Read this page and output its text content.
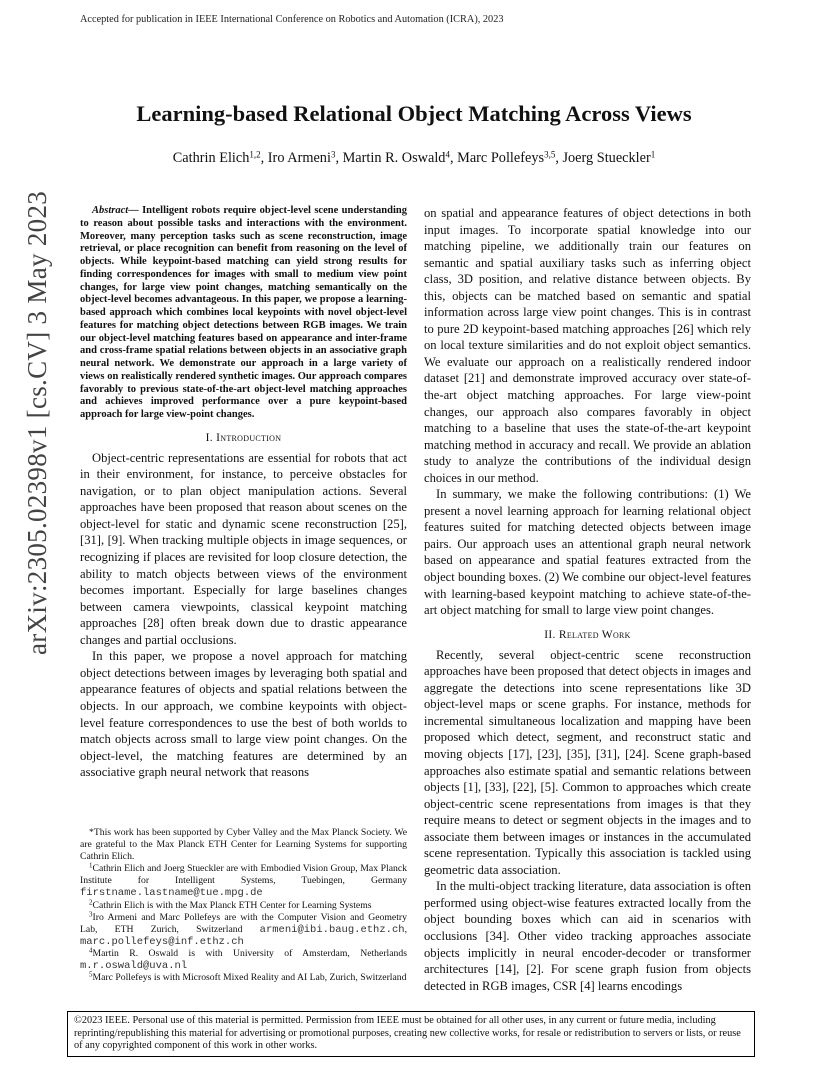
Accepted for publication in IEEE International Conference on Robotics and Automation (ICRA), 2023
arXiv:2305.02398v1 [cs.CV] 3 May 2023
Learning-based Relational Object Matching Across Views
Cathrin Elich$^{1,2}$, Iro Armeni$^3$, Martin R. Oswald$^4$, Marc Pollefeys$^{3,5}$, Joerg Stueckler$^1$

Abstract— Intelligent robots require object-level scene understanding to reason about possible tasks and interactions with the environment. Moreover, many perception tasks such as scene reconstruction, image retrieval, or place recognition can benefit from reasoning on the level of objects. While keypoint-based matching can yield strong results for finding correspondences for images with small to medium view point changes, for large view point changes, matching semantically on the object-level becomes advantageous. In this paper, we propose a learning-based approach which combines local keypoints with novel object-level features for matching object detections between RGB images. We train our object-level matching features based on appearance and inter-frame and cross-frame spatial relations between objects in an associative graph neural network. We demonstrate our approach in a large variety of views on realistically rendered synthetic images. Our approach compares favorably to previous state-of-the-art object-level matching approaches and achieves improved performance over a pure keypoint-based approach for large view-point changes.

I. Introduction

Object-centric representations are essential for robots that act in their environment, for instance, to perceive obstacles for navigation, or to plan object manipulation actions. Several approaches have been proposed that reason about scenes on the object-level for static and dynamic scene reconstruction [25], [31], [9]. When tracking multiple objects in image sequences, or recognizing if places are revisited for loop closure detection, the ability to match objects between views of the environment becomes important. Especially for large baselines changes between camera viewpoints, classical keypoint matching approaches [28] often break down due to drastic appearance changes and partial occlusions.

In this paper, we propose a novel approach for matching object detections between images by leveraging both spatial and appearance features of objects and spatial relations between the objects. In our approach, we combine keypoints with object-level feature correspondences to use the best of both worlds to match objects across small to large view point changes. On the object-level, the matching features are determined by an associative graph neural network that reasons

*This work has been supported by Cyber Valley and the Max Planck Society. We are grateful to the Max Planck ETH Center for Learning Systems for supporting Cathrin Elich.

$^1$Cathrin Elich and Joerg Stueckler are with Embodied Vision Group, Max Planck Institute for Intelligent Systems, Tuebingen, Germany firstname.lastname@tue.mpg.de

$^2$Cathrin Elich is with the Max Planck ETH Center for Learning Systems

$^3$Iro Armeni and Marc Pollefeys are with the Computer Vision and Geometry Lab, ETH Zurich, Switzerland armeni@ibi.baug.ethz.ch, marc.pollefeys@inf.ethz.ch

$^4$Martin R. Oswald is with University of Amsterdam, Netherlands m.r.oswald@uva.nl

$^5$Marc Pollefeys is with Microsoft Mixed Reality and AI Lab, Zurich, Switzerland

on spatial and appearance features of object detections in both input images. To incorporate spatial knowledge into our matching pipeline, we additionally train our features on semantic and spatial auxiliary tasks such as inferring object class, 3D position, and relative distance between objects. By this, objects can be matched based on semantic and spatial information across large view point changes. This is in contrast to pure 2D keypoint-based matching approaches [26] which rely on local texture similarities and do not exploit object semantics. We evaluate our approach on a realistically rendered indoor dataset [21] and demonstrate improved accuracy over state-of-the-art object matching approaches. For large view-point changes, our approach also compares favorably in object matching to a baseline that uses the state-of-the-art keypoint matching method in accuracy and recall. We provide an ablation study to analyze the contributions of the individual design choices in our method.

In summary, we make the following contributions: (1) We present a novel learning approach for learning relational object features suited for matching detected objects between image pairs. Our approach uses an attentional graph neural network based on appearance and spatial features extracted from the object bounding boxes. (2) We combine our object-level features with learning-based keypoint matching to achieve state-of-the-art object matching for small to large view point changes.

II. Related Work

Recently, several object-centric scene reconstruction approaches have been proposed that detect objects in images and aggregate the detections into scene representations like 3D object-level maps or scene graphs. For instance, methods for incremental simultaneous localization and mapping have been proposed which detect, segment, and reconstruct static and moving objects [17], [23], [35], [31], [24]. Scene graph-based approaches also estimate spatial and semantic relations between objects [1], [33], [22], [5]. Common to approaches which create object-centric scene representations from images is that they require means to detect or segment objects in the images and to associate them between images or instances in the accumulated scene representation. Typically this association is tackled using geometric data association.

In the multi-object tracking literature, data association is often performed using object-wise features extracted locally from the object bounding boxes which can aid in scenarios with occlusions [34]. Other video tracking approaches associate objects implicitly in neural encoder-decoder or transformer architectures [14], [2]. For scene graph fusion from objects detected in RGB images, CSR [4] learns encodings

©2023 IEEE. Personal use of this material is permitted. Permission from IEEE must be obtained for all other uses, in any current or future media, including reprinting/republishing this material for advertising or promotional purposes, creating new collective works, for resale or redistribution to servers or lists, or reuse of any copyrighted component of this work in other works.
